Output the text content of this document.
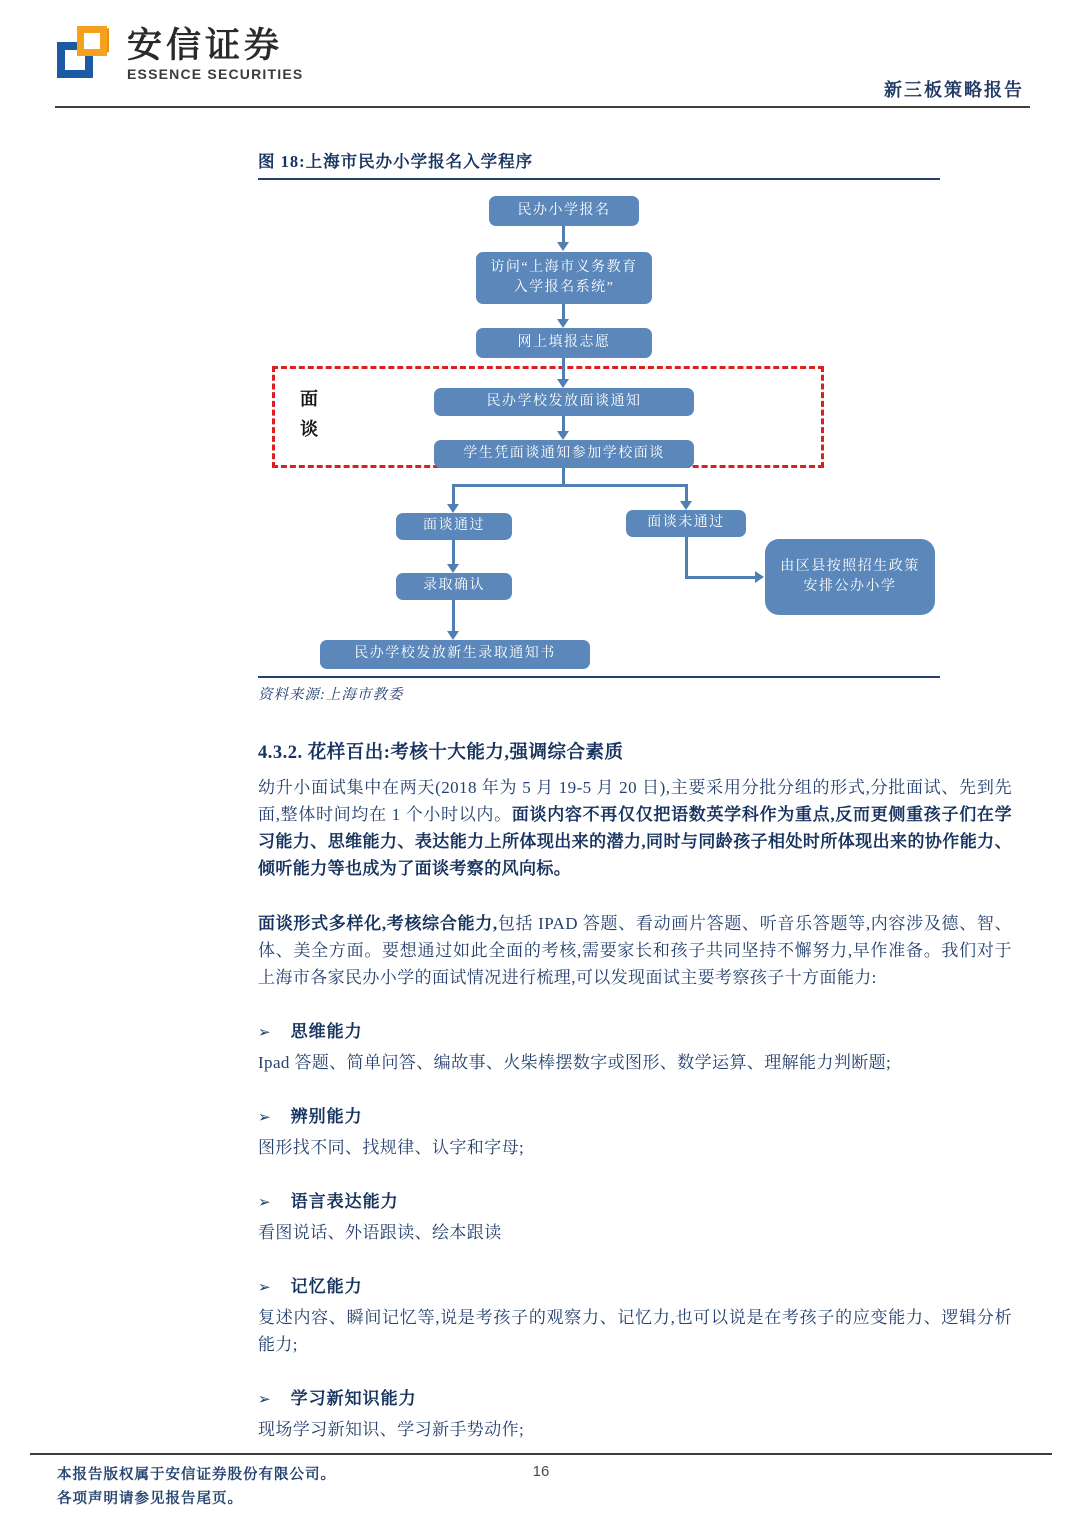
安信证券
ESSENCE SECURITIES
新三板策略报告
图 18:上海市民办小学报名入学程序
民办小学报名
访问“上海市义务教育入学报名系统”
网上填报志愿
面谈
民办学校发放面谈通知
学生凭面谈通知参加学校面谈
面谈通过	面谈未通过
录取确认
民办学校发放新生录取通知书
由区县按照招生政策安排公办小学
资料来源:上海市教委
4.3.2. 花样百出:考核十大能力,强调综合素质

幼升小面试集中在两天(2018 年为 5 月 19-5 月 20 日),主要采用分批分组的形式,分批面试、先到先面,整体时间均在 1 个小时以内。面谈内容不再仅仅把语数英学科作为重点,反而更侧重孩子们在学习能力、思维能力、表达能力上所体现出来的潜力,同时与同龄孩子相处时所体现出来的协作能力、倾听能力等也成为了面谈考察的风向标。

面谈形式多样化,考核综合能力,包括 IPAD 答题、看动画片答题、听音乐答题等,内容涉及德、智、体、美全方面。要想通过如此全面的考核,需要家长和孩子共同坚持不懈努力,早作准备。我们对于上海市各家民办小学的面试情况进行梳理,可以发现面试主要考察孩子十方面能力:

➢ 思维能力

Ipad 答题、简单问答、编故事、火柴棒摆数字或图形、数学运算、理解能力判断题;

➢ 辨别能力

图形找不同、找规律、认字和字母;

➢ 语言表达能力

看图说话、外语跟读、绘本跟读

➢ 记忆能力

复述内容、瞬间记忆等,说是考孩子的观察力、记忆力,也可以说是在考孩子的应变能力、逻辑分析能力;

➢ 学习新知识能力

现场学习新知识、学习新手势动作;

本报告版权属于安信证券股份有限公司。
各项声明请参见报告尾页。
16
